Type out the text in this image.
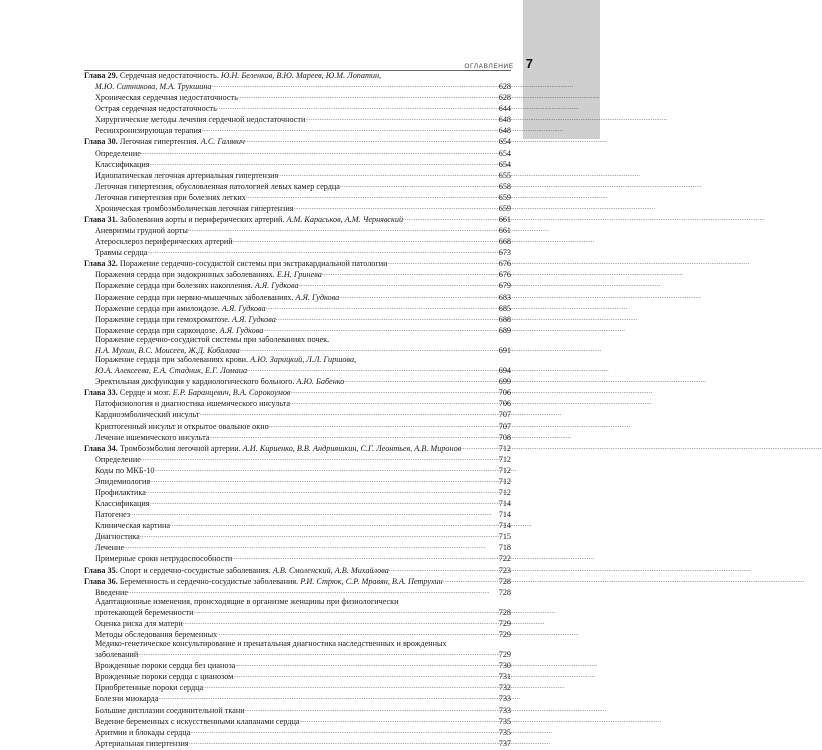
ОГЛАВЛЕНИЕ 7
Глава 29. Сердечная недостаточность. Ю.Н. Беленков, В.Ю. Мареев, Ю.М. Лопатин,
М.Ю. Ситникова, М.А. Трукшина . . .	628
Хроническая сердечная недостаточность . . .	628
Острая сердечная недостаточность . . .	644
Хирургические методы лечения сердечной недостаточности . . .	648
Ресинхронизирующая терапия . . .	648
Глава 30. Легочная гипертензия. А.С. Галявич . . .	654
Определение . . .	654
Классификация . . .	654
Идиопатическая легочная артериальная гипертензия . . .	655
Легочная гипертензия, обусловленная патологией левых камер сердца . . .	658
Легочная гипертензия при болезнях легких . . .	659
Хроническая тромбоэмболическая легочная гипертензия . . .	659
Глава 31. Заболевания аорты и периферических артерий. А.М. Караськов, А.М. Чернявский . . .	661
Аневризмы грудной аорты . . .	661
Атеросклероз периферических артерий . . .	668
Травмы сердца . . .	673
Глава 32. Поражение сердечно-сосудистой системы при экстракардиальной патологии . . .	676
Поражения сердца при эндокринных заболеваниях. Е.Н. Гринева . . .	676
Поражение сердца при болезнях накопления. А.Я. Гудкова . . .	679
Поражение сердца при нервно-мышечных заболеваниях. А.Я. Гудкова . . .	683
Поражение сердца при амилоидозе. А.Я. Гудкова . . .	685
Поражение сердца при гемохроматозе. А.Я. Гудкова . . .	688
Поражение сердца при саркоидозе. А.Я. Гудкова . . .	689
Поражение сердечно-сосудистой системы при заболеваниях почек.
Н.А. Мухин, В.С. Моисеев, Ж.Д. Кобалава . . .	691
Поражение сердца при заболеваниях крови. А.Ю. Зарицкий, Л.Л. Гиршова,
Ю.А. Алексеева, Е.А. Стадник, Е.Г. Ломаиа . . .	694
Эректильная дисфункция у кардиологического больного. А.Ю. Бабенко . . .	699
Глава 33. Сердце и мозг. Е.Р. Баранцевич, В.А. Сорокоумов . . .	706
Патофизиология и диагностика ишемического инсульта . . .	706
Кардиоэмболический инсульт . . .	707
Криптогенный инсульт и открытое овальное окно . . .	707
Лечение ишемического инсульта . . .	708
Глава 34. Тромбоэмболия легочной артерии. А.И. Кириенко, В.В. Андрияшкин, С.Г. Леонтьев, А.В. Миронов . . .	712
Определение . . .	712
Коды по МКБ-10 . . .	712
Эпидемиология . . .	712
Профилактика . . .	712
Классификация . . .	714
Патогенез . . .	714
Клиническая картина . . .	714
Диагностика . . .	715
Лечение . . .	718
Примерные сроки нетрудоспособности . . .	722
Глава 35. Спорт и сердечно-сосудистые заболевания. А.В. Смоленский, А.В. Михайлова . . .	723
Глава 36. Беременность и сердечно-сосудистые заболевания. Р.И. Стрюк, С.Р. Мравян, В.А. Петрухин . . .	728
Введение . . .	728
Адаптационные изменения, происходящие в организме женщины при физиологически
протекающей беременности . . .	728
Оценка риска для матери . . .	729
Методы обследования беременных . . .	729
Медико-генетическое консультирование и пренатальная диагностика наследственных и врожденных
заболеваний . . .	729
Врожденные пороки сердца без цианоза . . .	730
Врожденные пороки сердца с цианозом . . .	731
Приобретенные пороки сердца . . .	732
Болезни миокарда . . .	733
Большие дисплазии соединительной ткани . . .	733
Ведение беременных с искусственными клапанами сердца . . .	735
Аритмии и блокады сердца . . .	735
Артериальная гипертензия . . .	737
